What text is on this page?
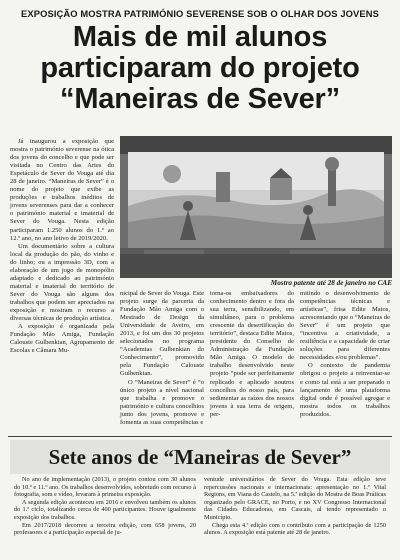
EXPOSIÇÃO MOSTRA PATRIMÓNIO SEVERENSE SOB O OLHAR DOS JOVENS
Mais de mil alunos
participaram do projeto
“Maneiras de Sever”
Mostra patente até 28 de janeiro no CAE

Já inaugurou a exposição que mostra o património severense na ótica dos jovens do concelho e que pode ser visitada no Centro das Artes do Espetáculo de Sever do Vouga até dia 28 de janeiro. “Maneiras de Sever” é o nome do projeto que exibe as produções e trabalhos inéditos de jovens severenses para dar a conhecer o património material e imaterial de Sever do Vouga. Nesta edição participaram 1.250 alunos do 1.º ao 12.º ano, no ano letivo de 2019/2020.

Um documentário sobre a cultura local da produção do pão, do vinho e do linho; ou a impressão 3D, com a elaboração de um jogo de monopólio adaptado e dedicado ao património material e imaterial do território de Sever do Vouga são alguns dos trabalhos que podem ser apreciados na exposição e mostram o recurso a diversas técnicas de produção artística.

A exposição é organizada pela Fundação Mão Amiga, Fundação Calouste Gulbenkian, Agrupamento de Escolas e Câmara Mu-

nicipal de Sever do Vouga. Este projeto surge da parceria da Fundação Mão Amiga com o Mestrado de Design da Universidade de Aveiro, em 2013, e foi um dos 30 projetos selecionados no programa “Academias Gulbenkian do Conhecimento”, promovido pela Fundação Calouste Gulbenkian.

O “Maneiras de Sever” é “o único projeto a nível nacional que trabalha e promove o património e cultura concelhios junto dos jovens, promove e fomenta as suas competências e

torna-os embaixadores do conhecimento dentro e fora da sua terra, sensibilizando, em simultâneo, para o problema crescente da desertificação do território”, destaca Edite Matos, presidente do Conselho de Administração da Fundação Mão Amiga. O modelo de trabalho desenvolvido neste projeto “pode ser perfeitamente replicado e aplicado noutros concelhos do nosso país, para sedimentar as raízes dos nossos jovens à sua terra de origem, per-

mitindo o desenvolvimento de competências técnicas e artísticas”, frisa Edite Matos, acrescentando que o “Maneiras de Sever” é um projeto que “incentiva a criatividade, a resiliência e a capacidade de criar soluções para diferentes necessidades e/ou problemas”.

O contexto de pandemia obrigou o projeto a reinventar-se e como tal está a ser preparado o lançamento de uma plataforma digital onde é possível agregar e mostra todos os trabalhos produzidos.

Sete anos de “Maneiras de Sever”

No ano de implementação (2013), o projeto contou com 30 alunos do 10.º e 11.º ano. Os trabalhos desenvolvidos, sobretudo com recurso à fotografia, som e vídeo, levaram à primeira exposição.

A segunda edição aconteceu em 2016 e envolveu também os alunos do 1.º ciclo, totalizando cerca de 400 participantes. Houve igualmente exposição dos trabalhos.

Em 2017/2018 decorreu a terceira edição, com 658 jovens, 20 professores e a participação especial de ju-

ventude universitários de Sever do Vouga. Esta edição teve repercussões nacionais e internacionais: apresentação no 1.º Vital Regions, em Viana do Castelo, na 5.ª edição do Mostra de Boas Práticas organizado pelo GRACE, no Porto, e no XV Congresso Internacional das Cidades Educadoras, em Cascais, al tendo representado o Município.

Chega esta 4.ª edição com o contributo com a participação de 1250 alunos. A exposição está patente até 28 de janeiro.
